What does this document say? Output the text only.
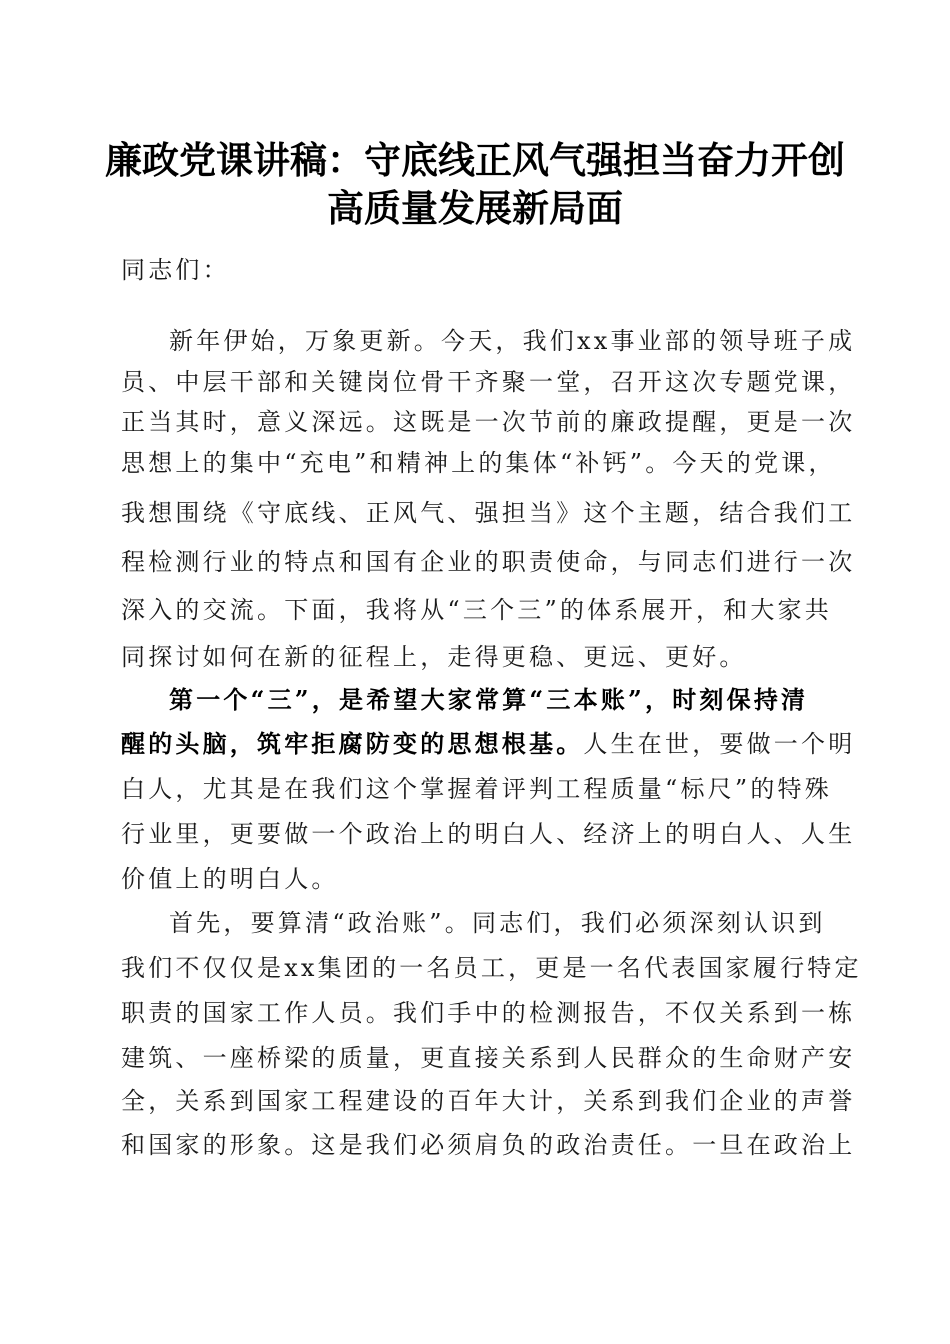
廉政党课讲稿：守底线正风气强担当奋力开创
高质量发展新局面
同志们：
新年伊始，万象更新。今天，我们xx事业部的领导班子成
员、中层干部和关键岗位骨干齐聚一堂，召开这次专题党课，
正当其时，意义深远。这既是一次节前的廉政提醒，更是一次
思想上的集中“充电”和精神上的集体“补钙”。今天的党课，
我想围绕《守底线、正风气、强担当》这个主题，结合我们工
程检测行业的特点和国有企业的职责使命，与同志们进行一次
深入的交流。下面，我将从“三个三”的体系展开，和大家共
同探讨如何在新的征程上，走得更稳、更远、更好。
第一个“三”，是希望大家常算“三本账”，时刻保持清
醒的头脑，筑牢拒腐防变的思想根基。人生在世，要做一个明
白人，尤其是在我们这个掌握着评判工程质量“标尺”的特殊
行业里，更要做一个政治上的明白人、经济上的明白人、人生
价值上的明白人。
首先，要算清“政治账”。同志们，我们必须深刻认识到
我们不仅仅是xx集团的一名员工，更是一名代表国家履行特定
职责的国家工作人员。我们手中的检测报告，不仅关系到一栋
建筑、一座桥梁的质量，更直接关系到人民群众的生命财产安
全，关系到国家工程建设的百年大计，关系到我们企业的声誉
和国家的形象。这是我们必须肩负的政治责任。一旦在政治上
